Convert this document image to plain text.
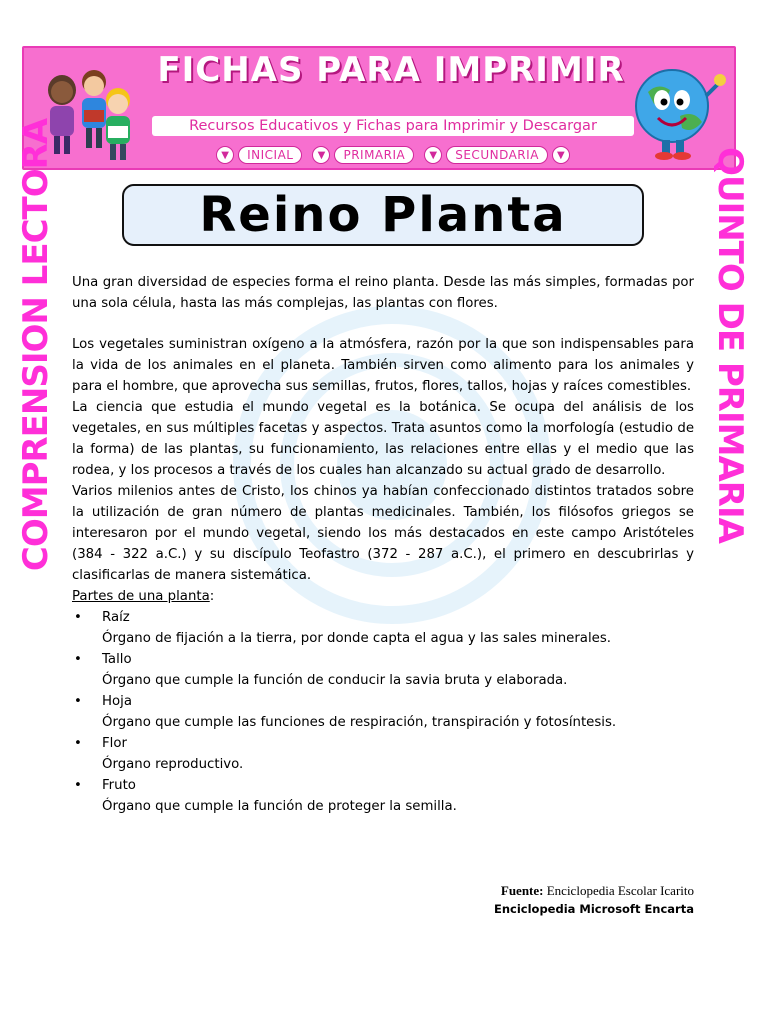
FICHAS PARA IMPRIMIR
Recursos Educativos y Fichas para Imprimir y Descargar
▼	INICIAL	▼	PRIMARIA	▼	SECUNDARIA	▼
COMPRENSION LECTORA	QUINTO DE PRIMARIA
Reino Planta

Una gran diversidad de especies forma el reino planta. Desde las más simples, formadas por una sola célula, hasta las más complejas, las plantas con flores.

Los vegetales suministran oxígeno a la atmósfera, razón por la que son indispensables para la vida de los animales en el planeta. También sirven como alimento para los animales y para el hombre, que aprovecha sus semillas, frutos, flores, tallos, hojas y raíces comestibles.

La ciencia que estudia el mundo vegetal es la botánica. Se ocupa del análisis de los vegetales, en sus múltiples facetas y aspectos. Trata asuntos como la morfología (estudio de la forma) de las plantas, su funcionamiento, las relaciones entre ellas y el medio que las rodea, y los procesos a través de los cuales han alcanzado su actual grado de desarrollo.

Varios milenios antes de Cristo, los chinos ya habían confeccionado distintos tratados sobre la utilización de gran número de plantas medicinales. También, los filósofos griegos se interesaron por el mundo vegetal, siendo los más destacados en este campo Aristóteles (384 - 322 a.C.) y su discípulo Teofastro (372 - 287 a.C.), el primero en descubrirlas y clasificarlas de manera sistemática.

Partes de una planta:

• Raíz
Órgano de fijación a la tierra, por donde capta el agua y las sales minerales.
• Tallo
Órgano que cumple la función de conducir la savia bruta y elaborada.
• Hoja
Órgano que cumple las funciones de respiración, transpiración y fotosíntesis.
• Flor
Órgano reproductivo.
• Fruto
Órgano que cumple la función de proteger la semilla.
Fuente: Enciclopedia Escolar Icarito
Enciclopedia Microsoft Encarta
